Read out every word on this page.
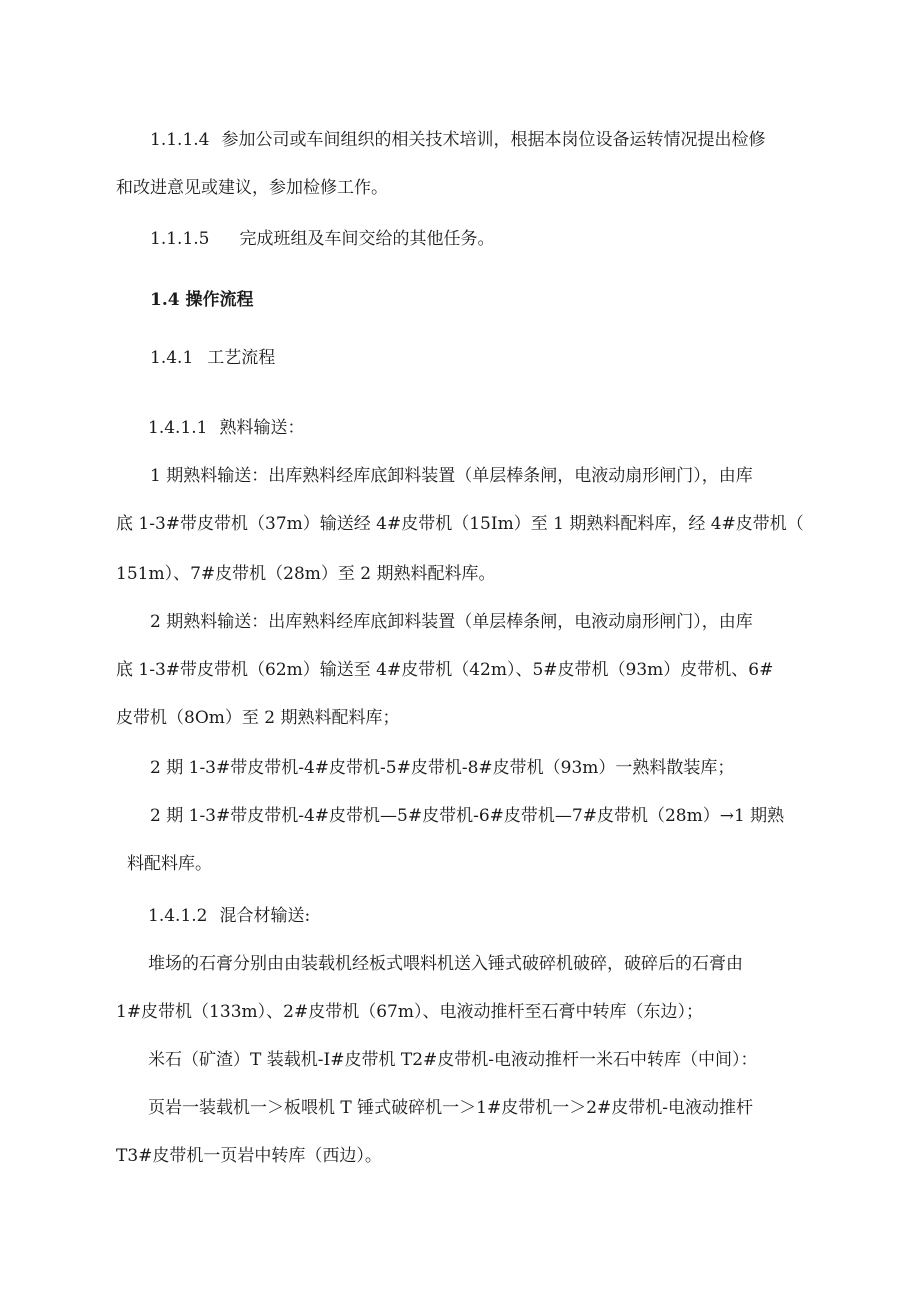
1.1.1.4 参加公司或车间组织的相关技术培训，根据本岗位设备运转情况提出检修
和改进意见或建议，参加检修工作。
1.1.1.5 完成班组及车间交给的其他任务。
1.4 操作流程
1.4.1 工艺流程
1.4.1.1 熟料输送：
1 期熟料输送：出库熟料经库底卸料装置（单层棒条闸，电液动扇形闸门），由库
底 1-3#带皮带机（37m）输送经 4#皮带机（15Im）至 1 期熟料配料库，经 4#皮带机（
151m）、7#皮带机（28m）至 2 期熟料配料库。
2 期熟料输送：出库熟料经库底卸料装置（单层棒条闸，电液动扇形闸门），由库
底 1-3#带皮带机（62m）输送至 4#皮带机（42m）、5#皮带机（93m）皮带机、6#
皮带机（8Om）至 2 期熟料配料库；
2 期 1-3#带皮带机-4#皮带机-5#皮带机-8#皮带机（93m）一熟料散装库；
2 期 1-3#带皮带机-4#皮带机—5#皮带机-6#皮带机—7#皮带机（28m）→1 期熟
料配料库。
1.4.1.2 混合材输送:
堆场的石膏分别由由装载机经板式喂料机送入锤式破碎机破碎，破碎后的石膏由
1#皮带机（133m）、2#皮带机（67m）、电液动推杆至石膏中转库（东边）；
米石（矿渣）T 装载机-I#皮带机 T2#皮带机-电液动推杆一米石中转库（中间）：
页岩一装载机一＞板喂机 T 锤式破碎机一＞1#皮带机一＞2#皮带机-电液动推杆
T3#皮带机一页岩中转库（西边）。
